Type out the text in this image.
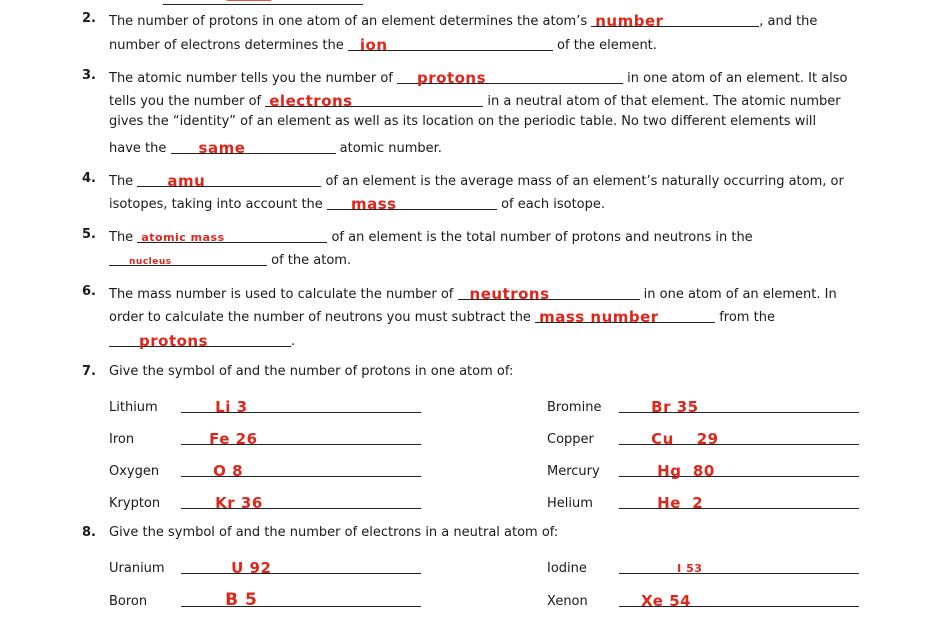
2. The number of protons in one atom of an element determines the atom’s number	, and the
number of electrons determines the ion	of the element.
3. The atomic number tells you the number of protons	in one atom of an element. It also
tells you the number of electrons	in a neutral atom of that element. The atomic number
gives the “identity” of an element as well as its location on the periodic table. No two different elements will
have the same	atomic number.
4. The amu	of an element is the average mass of an element’s naturally occurring atom, or
isotopes, taking into account the mass	of each isotope.
5. The atomic mass	of an element is the total number of protons and neutrons in the
nucleus	of the atom.
6. The mass number is used to calculate the number of neutrons	in one atom of an element. In
order to calculate the number of neutrons you must subtract the mass number	from the
protons	.
7. Give the symbol of and the number of protons in one atom of:
Lithium	Li 3	Bromine	Br 35
Iron	Fe 26	Copper	Cu    29
Oxygen	O 8	Mercury	Hg  80
Krypton	Kr 36	Helium	He  2
8. Give the symbol of and the number of electrons in a neutral atom of:
Uranium	U 92	Iodine	I 53
Boron	B 5	Xenon	Xe 54
